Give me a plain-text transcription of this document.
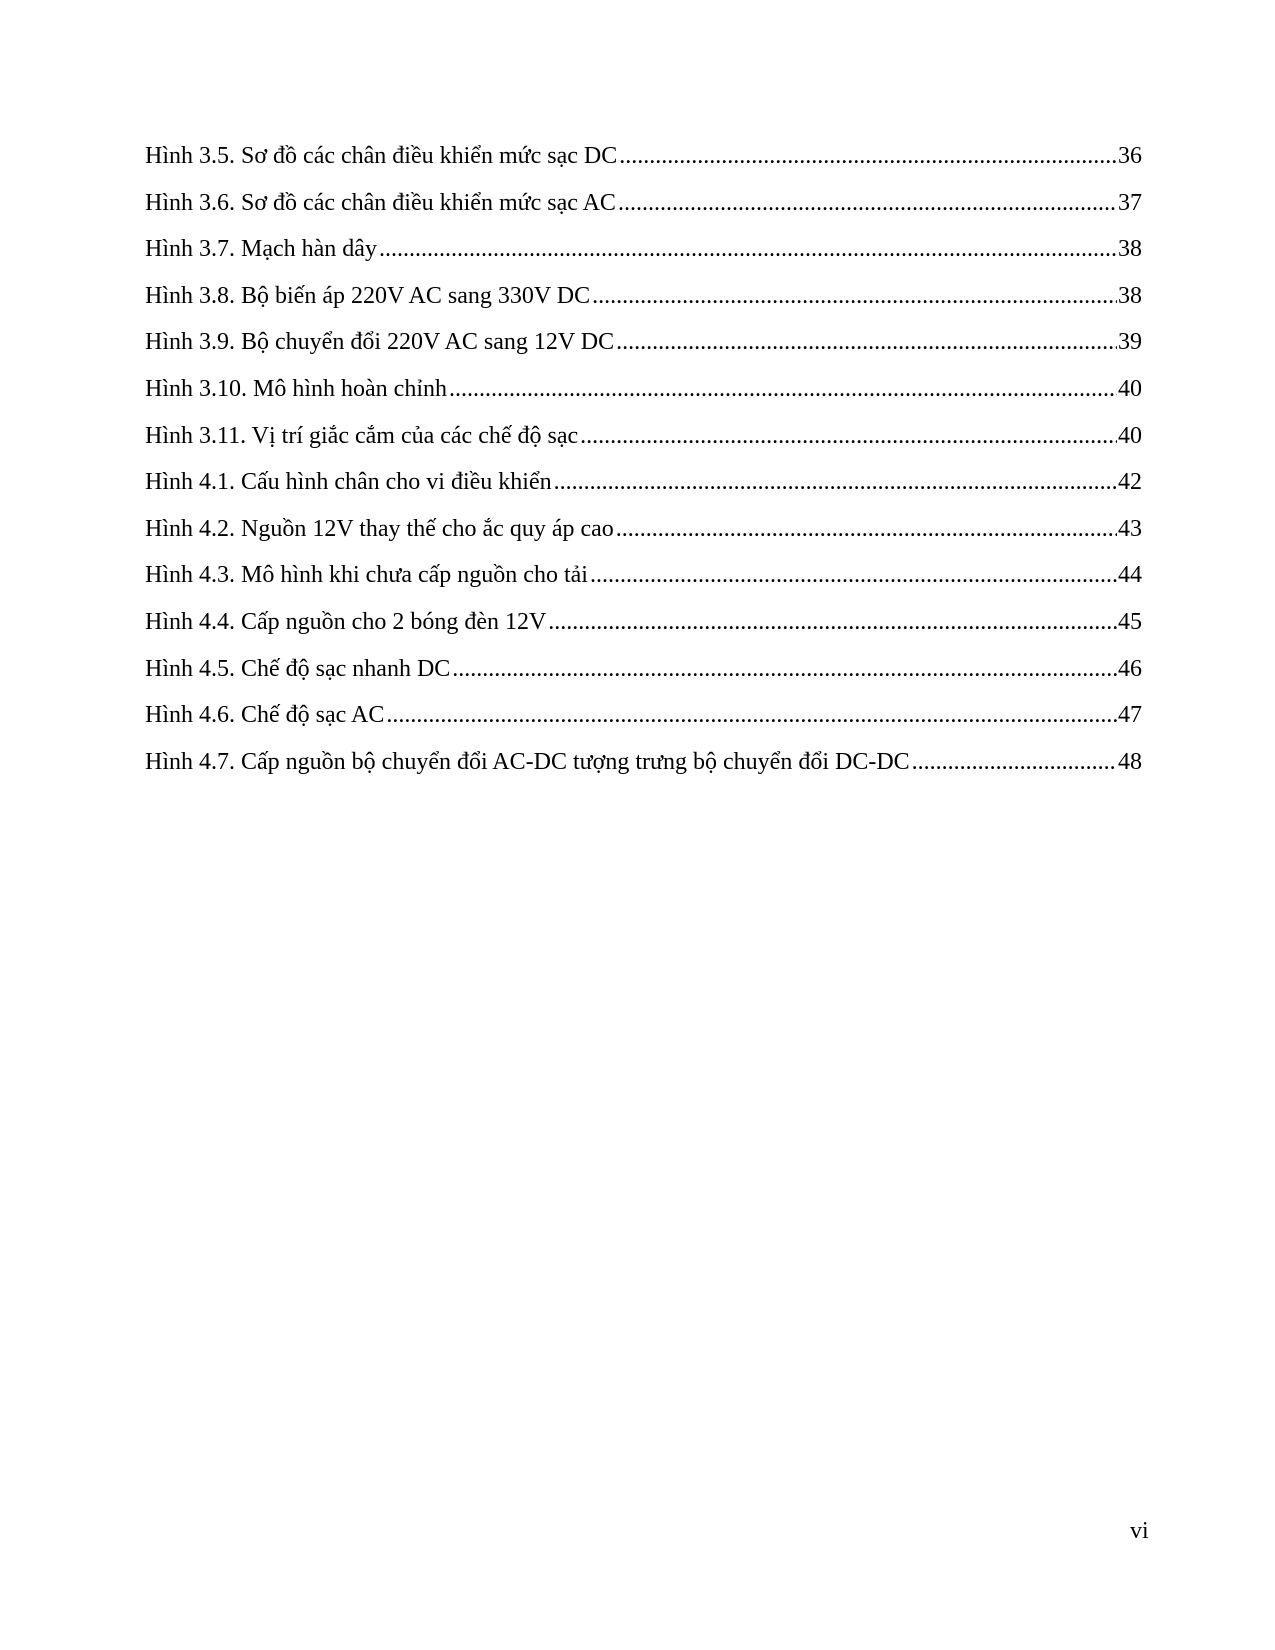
Hình 3.5. Sơ đồ các chân điều khiển mức sạc DC .....	36
Hình 3.6. Sơ đồ các chân điều khiển mức sạc AC .....	37
Hình 3.7. Mạch hàn dây .....	38
Hình 3.8. Bộ biến áp 220V AC sang 330V DC .....	38
Hình 3.9. Bộ chuyển đổi 220V AC sang 12V DC .....	39
Hình 3.10. Mô hình hoàn chỉnh .....	40
Hình 3.11. Vị trí giắc cắm của các chế độ sạc .....	40
Hình 4.1. Cấu hình chân cho vi điều khiển .....	42
Hình 4.2. Nguồn 12V thay thế cho ắc quy áp cao .....	43
Hình 4.3. Mô hình khi chưa cấp nguồn cho tải .....	44
Hình 4.4. Cấp nguồn cho 2 bóng đèn 12V .....	45
Hình 4.5. Chế độ sạc nhanh DC .....	46
Hình 4.6. Chế độ sạc AC .....	47
Hình 4.7. Cấp nguồn bộ chuyển đổi AC-DC tượng trưng bộ chuyển đổi DC-DC .....	48
vi
